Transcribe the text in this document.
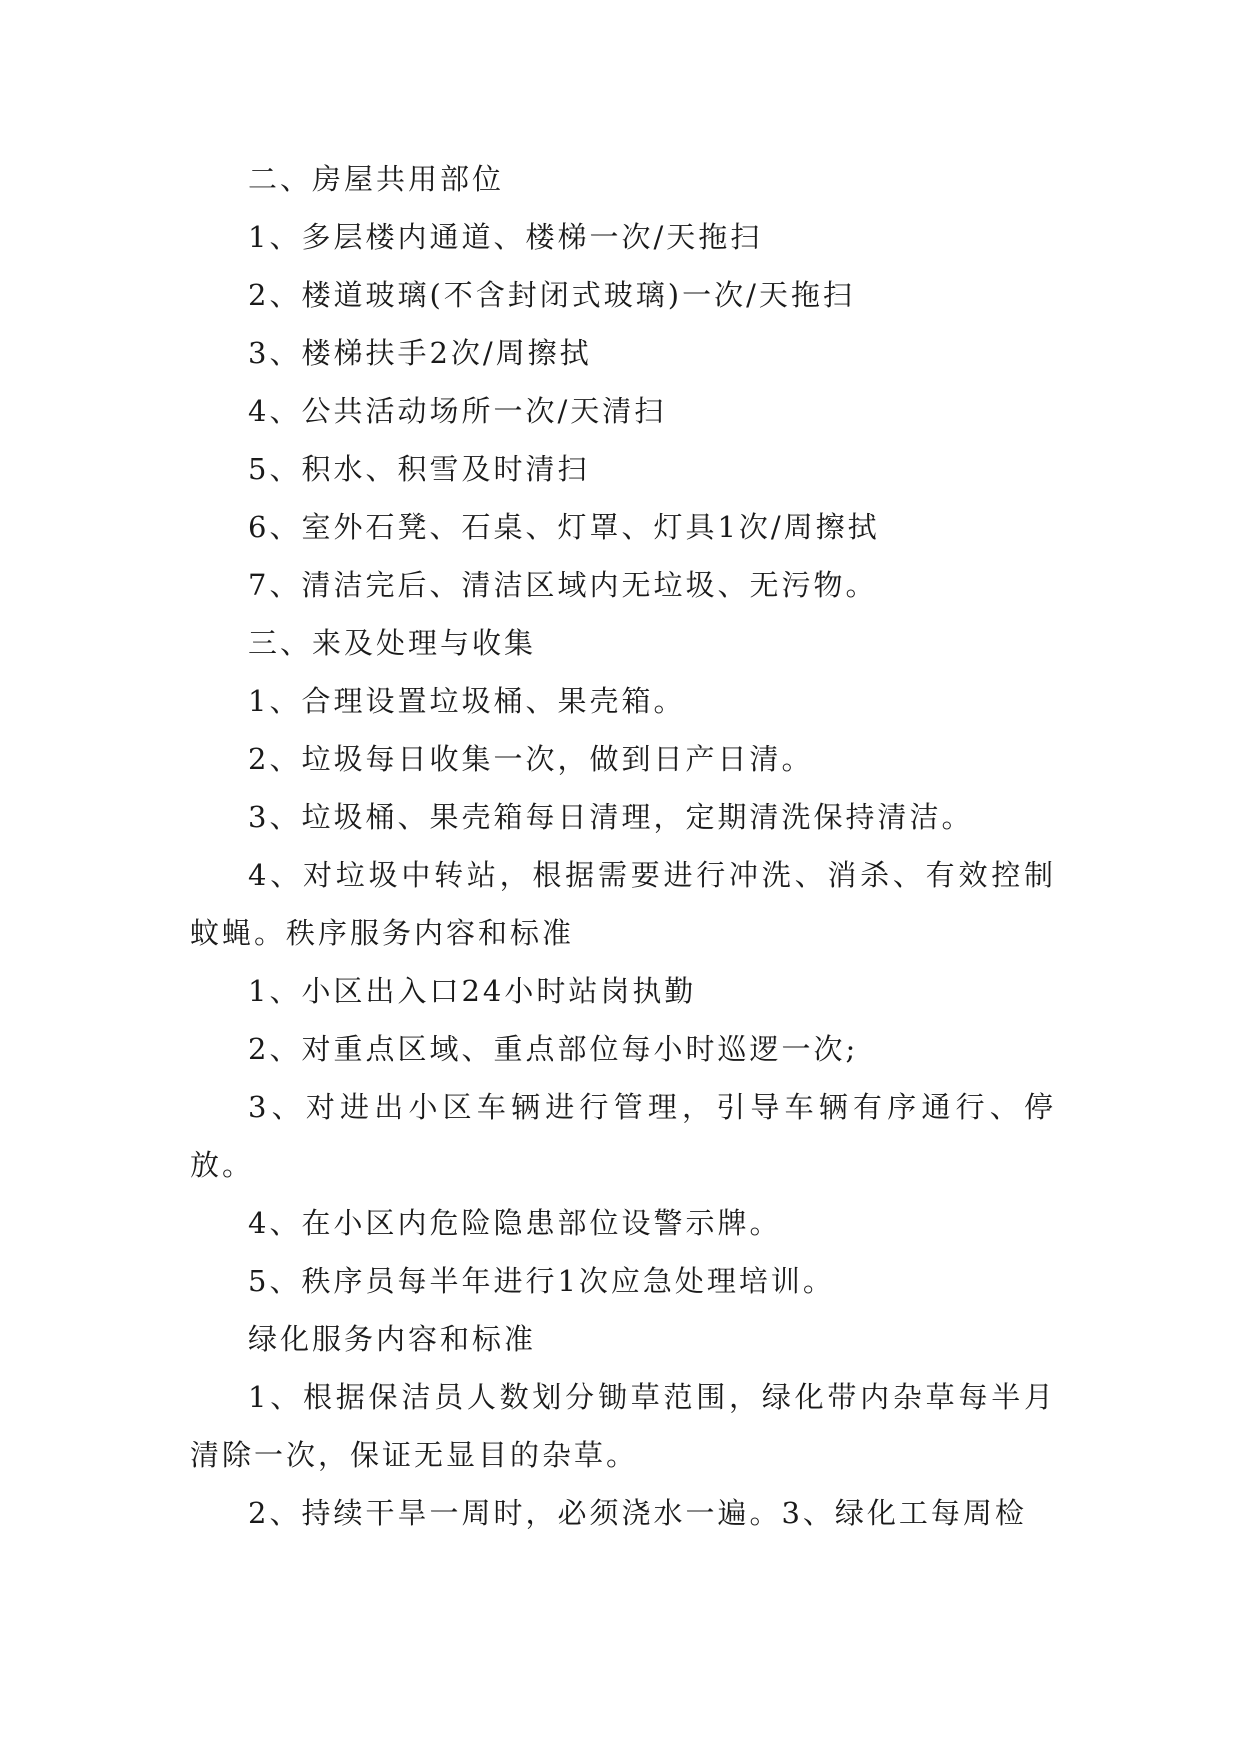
二、房屋共用部位

1、多层楼内通道、楼梯一次/天拖扫

2、楼道玻璃(不含封闭式玻璃)一次/天拖扫

3、楼梯扶手2次/周擦拭

4、公共活动场所一次/天清扫

5、积水、积雪及时清扫

6、室外石凳、石桌、灯罩、灯具1次/周擦拭

7、清洁完后、清洁区域内无垃圾、无污物。

三、来及处理与收集

1、合理设置垃圾桶、果壳箱。

2、垃圾每日收集一次，做到日产日清。

3、垃圾桶、果壳箱每日清理，定期清洗保持清洁。

4、对垃圾中转站，根据需要进行冲洗、消杀、有效控制蚊蝇。秩序服务内容和标准

1、小区出入口24小时站岗执勤

2、对重点区域、重点部位每小时巡逻一次;

3、对进出小区车辆进行管理，引导车辆有序通行、停放。

4、在小区内危险隐患部位设警示牌。

5、秩序员每半年进行1次应急处理培训。

绿化服务内容和标准

1、根据保洁员人数划分锄草范围，绿化带内杂草每半月清除一次，保证无显目的杂草。

2、持续干旱一周时，必须浇水一遍。3、绿化工每周检
